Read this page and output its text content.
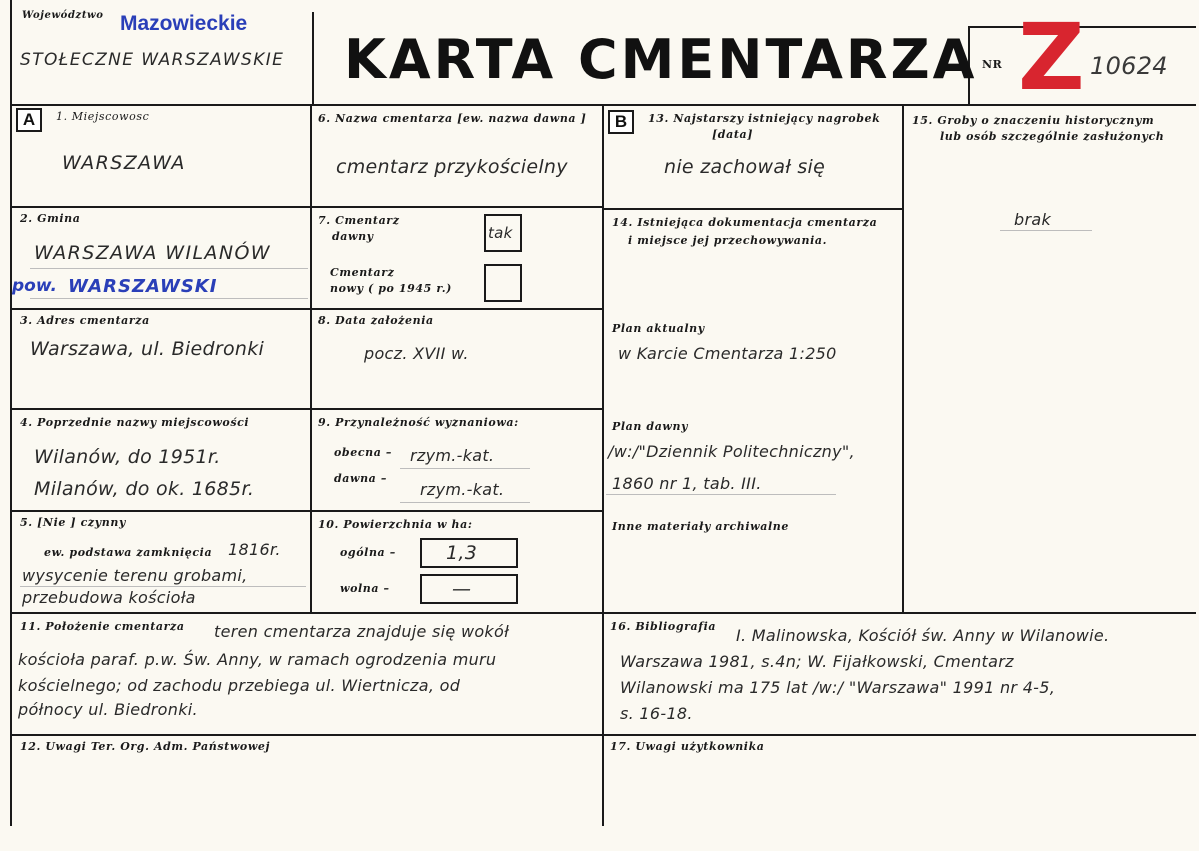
Województwo Mazowieckie
STOŁECZNE WARSZAWSKIE KARTA CMENTARZA NR Z 10624
A	1. Miejscowosc
WARSZAWA
2. Gmina
WARSZAWA WILANÓW
pow. WARSZAWSKI
3. Adres cmentarza
Warszawa, ul. Biedronki
4. Poprzednie nazwy miejscowości
Wilanów, do 1951r.
Milanów, do ok. 1685r.
5. [Nie ] czynny
ew. podstawa zamknięcia 1816r.
wysycenie terenu grobami,
przebudowa kościoła
6. Nazwa cmentarza [ew. nazwa dawna ]
cmentarz przykościelny
7. Cmentarz
dawny	tak
Cmentarz
nowy ( po 1945 r.)
8. Data założenia
pocz. XVII w.
9. Przynależność wyznaniowa:
obecna – rzym.-kat.
dawna –
rzym.-kat.
10. Powierzchnia w ha:
ogólna –	1,3
wolna –	—
11. Położenie cmentarza teren cmentarza znajduje się wokół
kościoła paraf. p.w. Św. Anny, w ramach ogrodzenia muru
kościelnego; od zachodu przebiega ul. Wiertnicza, od
północy ul. Biedronki.
12. Uwagi Ter. Org. Adm. Państwowej
B	13. Najstarszy istniejący nagrobek
[data]
nie zachował się
14. Istniejąca dokumentacja cmentarza
i miejsce jej przechowywania.
Plan aktualny
w Karcie Cmentarza 1:250
Plan dawny
/w:/"Dziennik Politechniczny",
1860 nr 1, tab. III.
Inne materiały archiwalne
15. Groby o znaczeniu historycznym
lub osób szczególnie zasłużonych
brak
16. Bibliografia I. Malinowska, Kościół św. Anny w Wilanowie.
Warszawa 1981, s.4n; W. Fijałkowski, Cmentarz
Wilanowski ma 175 lat /w:/ "Warszawa" 1991 nr 4-5,
s. 16-18.
17. Uwagi użytkownika
